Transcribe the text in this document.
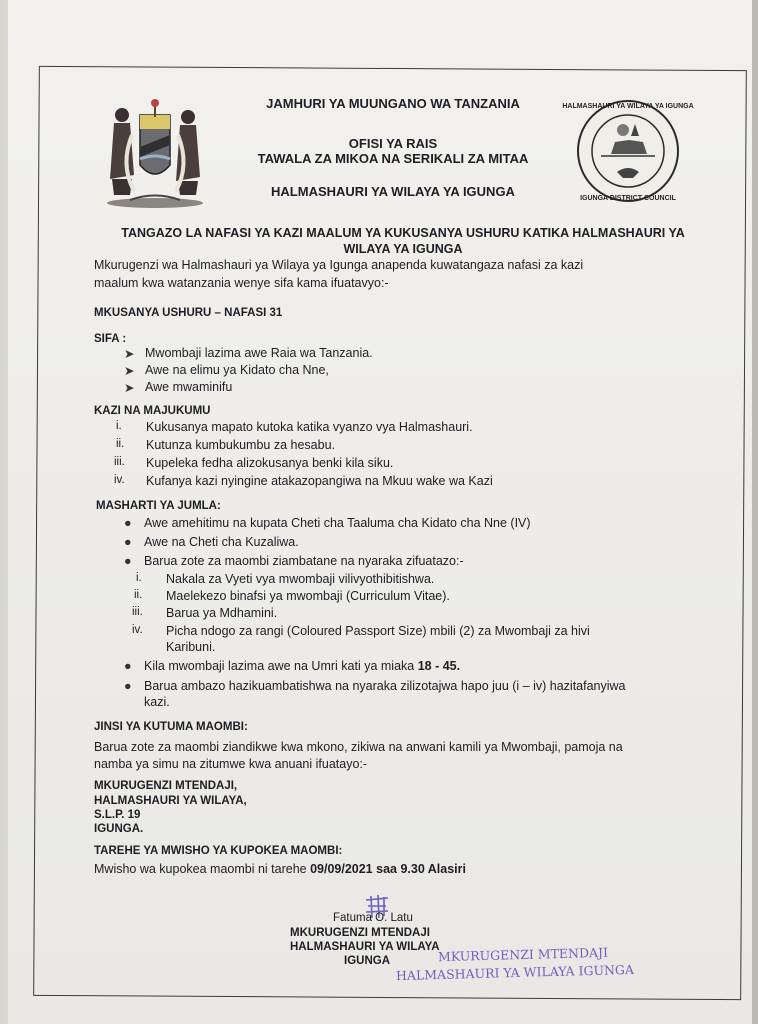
HALMASHAURI YA WILAYA YA IGUNGA
IGUNGA DISTRICT COUNCIL
JAMHURI YA MUUNGANO WA TANZANIA
OFISI YA RAIS
TAWALA ZA MIKOA NA SERIKALI ZA MITAA
HALMASHAURI YA WILAYA YA IGUNGA
TANGAZO LA NAFASI YA KAZI MAALUM YA KUKUSANYA USHURU KATIKA HALMASHAURI YA
WILAYA YA IGUNGA
Mkurugenzi wa Halmashauri ya Wilaya ya Igunga anapenda kuwatangaza nafasi za kazi
maalum kwa watanzania wenye sifa kama ifuatavyo:-
MKUSANYA USHURU – NAFASI 31
SIFA :
➤ Mwombaji lazima awe Raia wa Tanzania.
➤ Awe na elimu ya Kidato cha Nne,
➤ Awe mwaminifu
KAZI NA MAJUKUMU
i. Kukusanya mapato kutoka katika vyanzo vya Halmashauri.
ii. Kutunza kumbukumbu za hesabu.
iii. Kupeleka fedha alizokusanya benki kila siku.
iv. Kufanya kazi nyingine atakazopangiwa na Mkuu wake wa Kazi
MASHARTI YA JUMLA:
● Awe amehitimu na kupata Cheti cha Taaluma cha Kidato cha Nne (IV)
● Awe na Cheti cha Kuzaliwa.
● Barua zote za maombi ziambatane na nyaraka zifuatazo:-
i. Nakala za Vyeti vya mwombaji vilivyothibitishwa.
ii. Maelekezo binafsi ya mwombaji (Curriculum Vitae).
iii. Barua ya Mdhamini.
iv. Picha ndogo za rangi (Coloured Passport Size) mbili (2) za Mwombaji za hivi
Karibuni.
● Kila mwombaji lazima awe na Umri kati ya miaka 18 - 45.
● Barua ambazo hazikuambatishwa na nyaraka zilizotajwa hapo juu (i – iv) hazitafanyiwa
kazi.
JINSI YA KUTUMA MAOMBI:
Barua zote za maombi ziandikwe kwa mkono, zikiwa na anwani kamili ya Mwombaji, pamoja na
namba ya simu na zitumwe kwa anuani ifuatayo:-
MKURUGENZI MTENDAJI,
HALMASHAURI YA WILAYA,
S.L.P. 19
IGUNGA.
TAREHE YA MWISHO YA KUPOKEA MAOMBI:
Mwisho wa kupokea maombi ni tarehe 09/09/2021 saa 9.30 Alasiri
Fatuma O. Latu
MKURUGENZI MTENDAJI
HALMASHAURI YA WILAYA
IGUNGA	MKURUGENZI MTENDAJI
HALMASHAURI YA WILAYA IGUNGA
